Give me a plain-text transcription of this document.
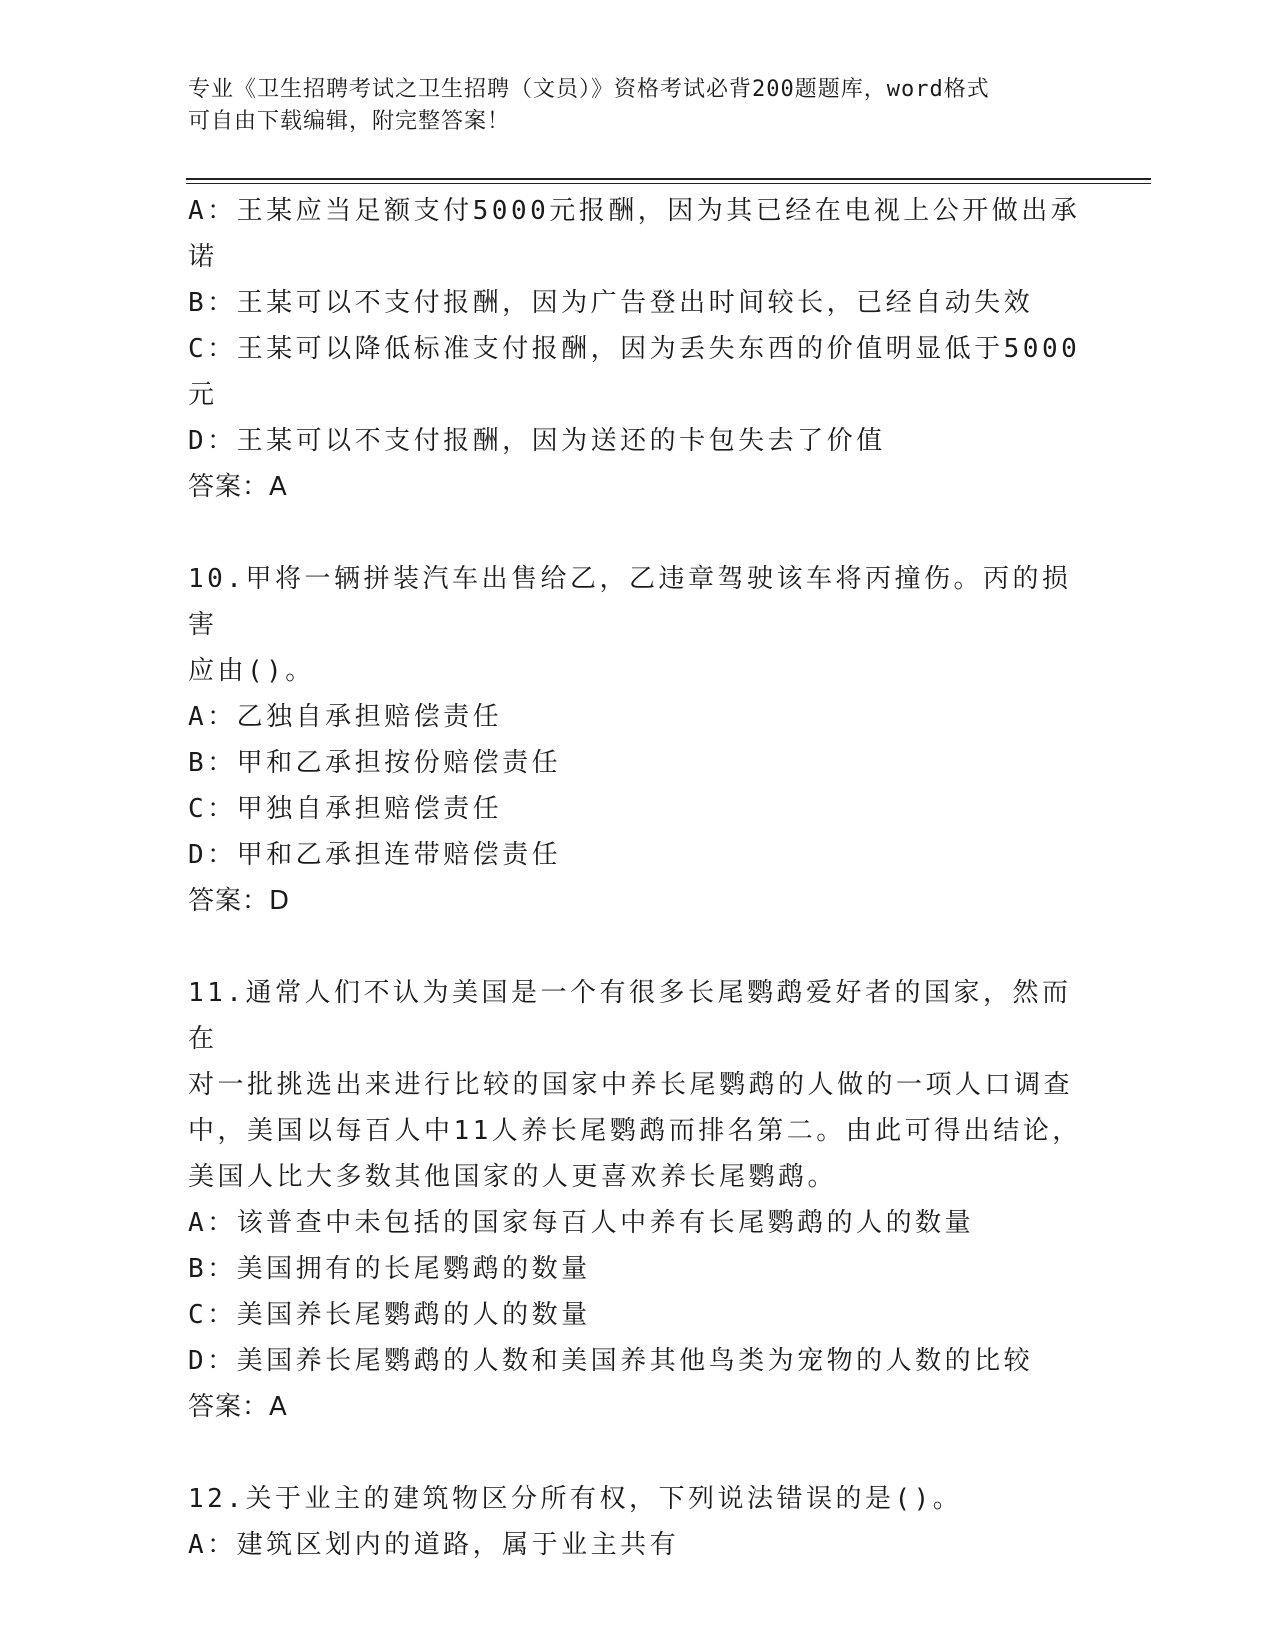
专业《卫生招聘考试之卫生招聘（文员）》资格考试必背200题题库，word格式
可自由下载编辑，附完整答案！
A：王某应当足额支付5000元报酬，因为其已经在电视上公开做出承
诺
B：王某可以不支付报酬，因为广告登出时间较长，已经自动失效
C：王某可以降低标准支付报酬，因为丢失东西的价值明显低于5000
元
D：王某可以不支付报酬，因为送还的卡包失去了价值
答案：A
10.甲将一辆拼装汽车出售给乙，乙违章驾驶该车将丙撞伤。丙的损害
应由()。
A：乙独自承担赔偿责任
B：甲和乙承担按份赔偿责任
C：甲独自承担赔偿责任
D：甲和乙承担连带赔偿责任
答案：D
11.通常人们不认为美国是一个有很多长尾鹦鹉爱好者的国家，然而在
对一批挑选出来进行比较的国家中养长尾鹦鹉的人做的一项人口调查
中，美国以每百人中11人养长尾鹦鹉而排名第二。由此可得出结论，
美国人比大多数其他国家的人更喜欢养长尾鹦鹉。
A：该普查中未包括的国家每百人中养有长尾鹦鹉的人的数量
B：美国拥有的长尾鹦鹉的数量
C：美国养长尾鹦鹉的人的数量
D：美国养长尾鹦鹉的人数和美国养其他鸟类为宠物的人数的比较
答案：A
12.关于业主的建筑物区分所有权，下列说法错误的是()。
A：建筑区划内的道路，属于业主共有
